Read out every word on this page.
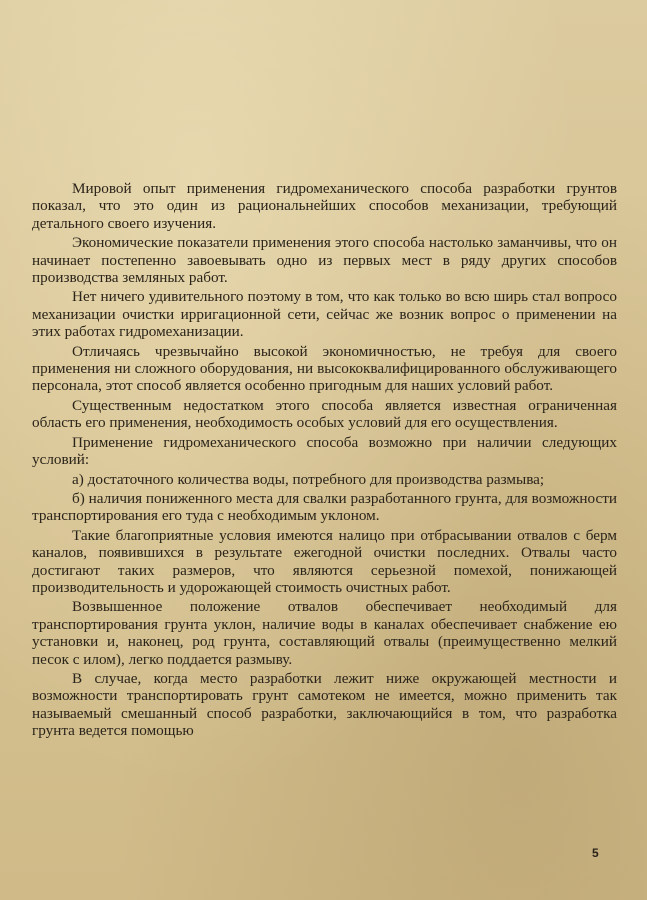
Мировой опыт применения гидромеханического способа разработки грунтов показал, что это один из рациональнейших способов механизации, требующий детального своего изучения.

Экономические показатели применения этого способа настолько заманчивы, что он начинает постепенно завоевывать одно из первых мест в ряду других способов производства земляных работ.

Нет ничего удивительного поэтому в том, что как только во всю ширь стал вопросо механизации очистки ирригационной сети, сейчас же возник вопрос о применении на этих работах гидромеханизации.

Отличаясь чрезвычайно высокой экономичностью, не требуя для своего применения ни сложного оборудования, ни высококвалифицированного обслуживающего персонала, этот способ является особенно пригодным для наших условий работ.

Существенным недостатком этого способа является известная ограниченная область его применения, необходимость особых условий для его осуществления.

Применение гидромеханического способа возможно при наличии следующих условий:

а) достаточного количества воды, потребного для производства размыва;

б) наличия пониженного места для свалки разработанного грунта, для возможности транспортирования его туда с необходимым уклоном.

Такие благоприятные условия имеются налицо при отбрасывании отвалов с берм каналов, появившихся в результате ежегодной очистки последних. Отвалы часто достигают таких размеров, что являются серьезной помехой, понижающей производительность и удорожающей стоимость очистных работ.

Возвышенное положение отвалов обеспечивает необходимый для транспортирования грунта уклон, наличие воды в каналах обеспечивает снабжение ею установки и, наконец, род грунта, составляющий отвалы (преимущественно мелкий песок с илом), легко поддается размыву.

В случае, когда место разработки лежит ниже окружающей местности и возможности транспортировать грунт самотеком не имеется, можно применить так называемый смешанный способ разработки, заключающийся в том, что разработка грунта ведется помощью

5
